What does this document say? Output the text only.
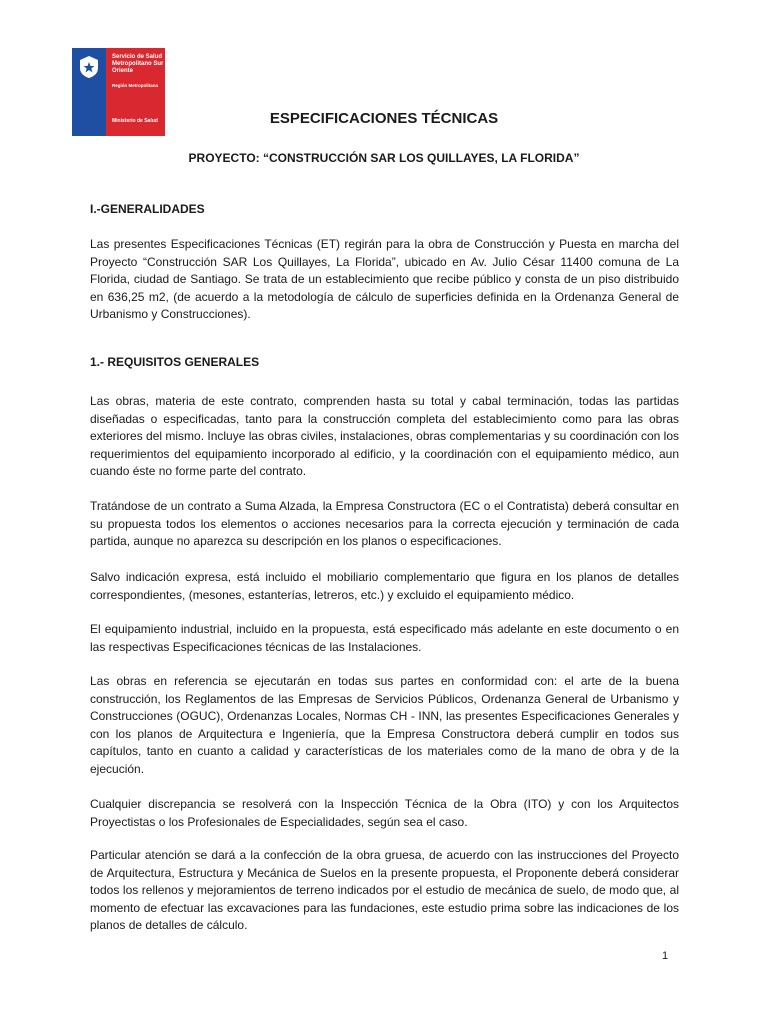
Servicio de Salud Metropolitano Sur Oriente
Región Metropolitana
Ministerio de Salud	ESPECIFICACIONES TÉCNICAS
PROYECTO: “CONSTRUCCIÓN SAR LOS QUILLAYES, LA FLORIDA”
I.-GENERALIDADES
Las presentes Especificaciones Técnicas (ET) regirán para la obra de Construcción y Puesta en marcha del Proyecto “Construcción SAR Los Quillayes, La Florida”, ubicado en Av. Julio César 11400 comuna de La Florida, ciudad de Santiago. Se trata de un establecimiento que recibe público y consta de un piso distribuido en 636,25 m2, (de acuerdo a la metodología de cálculo de superficies definida en la Ordenanza General de Urbanismo y Construcciones).
1.- REQUISITOS GENERALES
Las obras, materia de este contrato, comprenden hasta su total y cabal terminación, todas las partidas diseñadas o especificadas, tanto para la construcción completa del establecimiento como para las obras exteriores del mismo. Incluye las obras civiles, instalaciones, obras complementarias y su coordinación con los requerimientos del equipamiento incorporado al edificio, y la coordinación con el equipamiento médico, aun cuando éste no forme parte del contrato.
Tratándose de un contrato a Suma Alzada, la Empresa Constructora (EC o el Contratista) deberá consultar en su propuesta todos los elementos o acciones necesarios para la correcta ejecución y terminación de cada partida, aunque no aparezca su descripción en los planos o especificaciones.
Salvo indicación expresa, está incluido el mobiliario complementario que figura en los planos de detalles correspondientes, (mesones, estanterías, letreros, etc.) y excluido el equipamiento médico.
El equipamiento industrial, incluido en la propuesta, está especificado más adelante en este documento o en las respectivas Especificaciones técnicas de las Instalaciones.
Las obras en referencia se ejecutarán en todas sus partes en conformidad con: el arte de la buena construcción, los Reglamentos de las Empresas de Servicios Públicos, Ordenanza General de Urbanismo y Construcciones (OGUC), Ordenanzas Locales, Normas CH - INN, las presentes Especificaciones Generales y con los planos de Arquitectura e Ingeniería, que la Empresa Constructora deberá cumplir en todos sus capítulos, tanto en cuanto a calidad y características de los materiales como de la mano de obra y de la ejecución.
Cualquier discrepancia se resolverá con la Inspección Técnica de la Obra (ITO) y con los Arquitectos Proyectistas o los Profesionales de Especialidades, según sea el caso.
Particular atención se dará a la confección de la obra gruesa, de acuerdo con las instrucciones del Proyecto de Arquitectura, Estructura y Mecánica de Suelos en la presente propuesta, el Proponente deberá considerar todos los rellenos y mejoramientos de terreno indicados por el estudio de mecánica de suelo, de modo que, al momento de efectuar las excavaciones para las fundaciones, este estudio prima sobre las indicaciones de los planos de detalles de cálculo.
1
